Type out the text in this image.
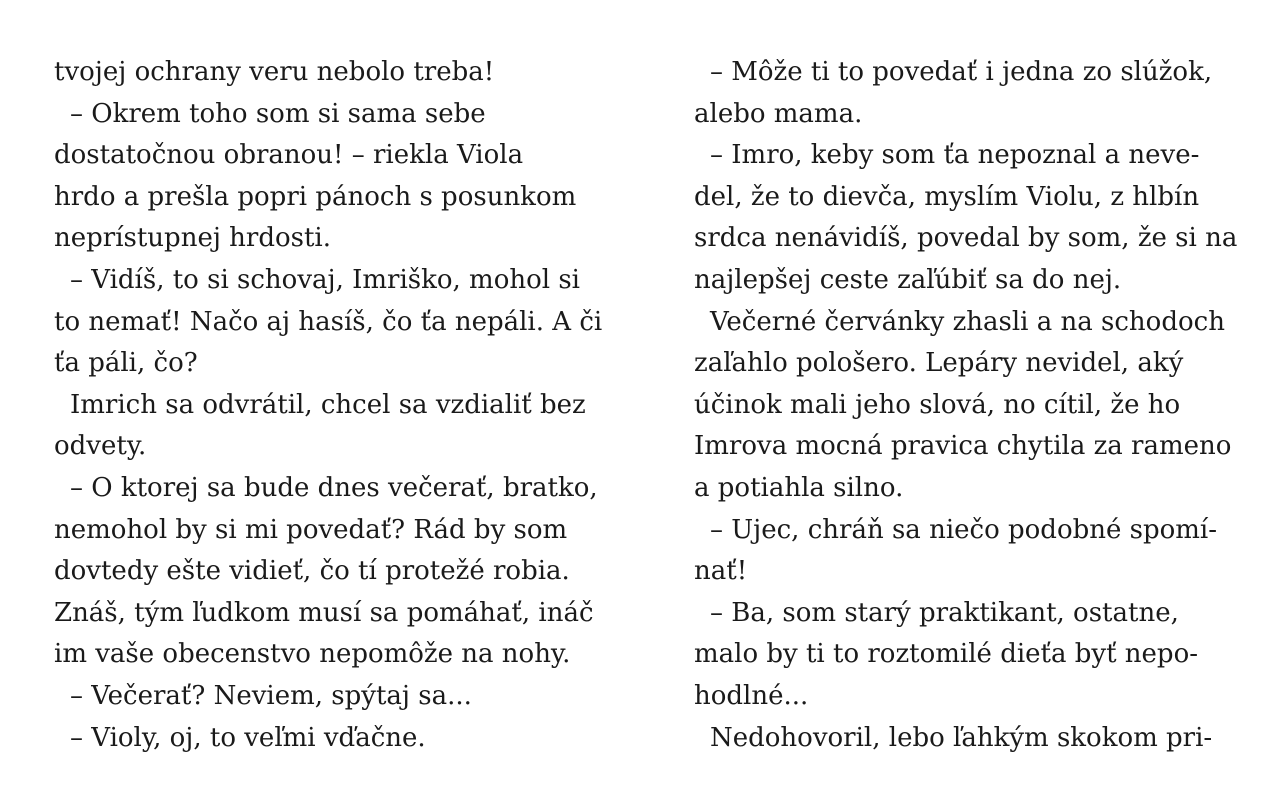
tvojej ochrany veru nebolo treba!
– Okrem toho som si sama sebe
dostatočnou obranou! – riekla Viola
hrdo a prešla popri pánoch s posunkom
neprístupnej hrdosti.
– Vidíš, to si schovaj, Imriško, mohol si
to nemať! Načo aj hasíš, čo ťa nepáli. A či
ťa páli, čo?
Imrich sa odvrátil, chcel sa vzdialiť bez
odvety.
– O ktorej sa bude dnes večerať, bratko,
nemohol by si mi povedať? Rád by som
dovtedy ešte vidieť, čo tí protežé robia.
Znáš, tým ľudkom musí sa pomáhať, ináč
im vaše obecenstvo nepomôže na nohy.
– Večerať? Neviem, spýtaj sa...
– Violy, oj, to veľmi vďačne.
– Môže ti to povedať i jedna zo slúžok,
alebo mama.
– Imro, keby som ťa nepoznal a neve-
del, že to dievča, myslím Violu, z hlbín
srdca nenávidíš, povedal by som, že si na
najlepšej ceste zaľúbiť sa do nej.
Večerné červánky zhasli a na schodoch
zaľahlo pološero. Lepáry nevidel, aký
účinok mali jeho slová, no cítil, že ho
Imrova mocná pravica chytila za rameno
a potiahla silno.
– Ujec, chráň sa niečo podobné spomí-
nať!
– Ba, som starý praktikant, ostatne,
malo by ti to roztomilé dieťa byť nepo-
hodlné...
Nedohovoril, lebo ľahkým skokom pri-
